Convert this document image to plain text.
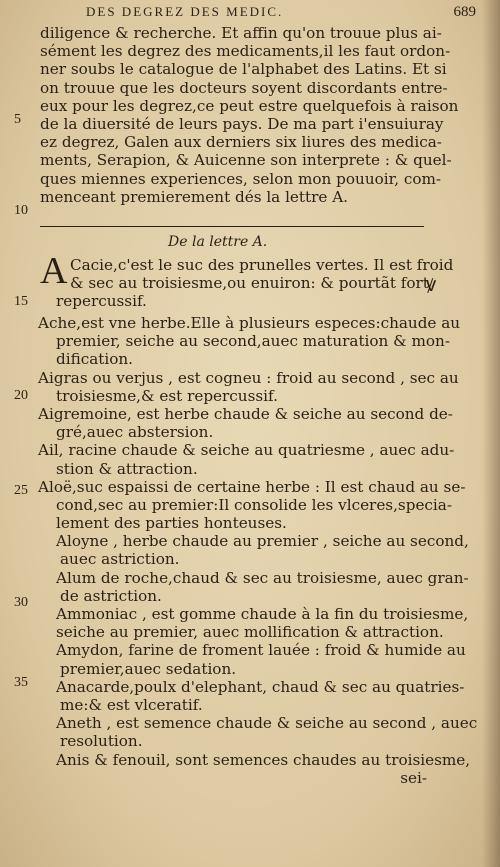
DES DEGREZ DES MEDIC.	689
5
10
15
20
25
30
35
diligence & recherche. Et affin qu'on trouue plus ai-
sément les degrez des medicaments,il les faut ordon-
ner soubs le catalogue de l'alphabet des Latins. Et si
on trouue que les docteurs soyent discordants entre-
eux pour les degrez,ce peut estre quelquefois à raison
de la diuersité de leurs pays. De ma part i'ensuiuray
ez degrez, Galen aux derniers six liures des medica-
ments, Serapion, & Auicenne son interprete : & quel-
ques miennes experiences, selon mon pouuoir, com-
menceant premierement dés la lettre A.
De la lettre A.
A	ꝟ
Cacie,c'est le suc des prunelles vertes. Il est froid
& sec au troisiesme,ou enuiron: & pourtãt fort
repercussif.
Ache,est vne herbe.Elle à plusieurs especes:chaude au
premier, seiche au second,auec maturation & mon-
dification.
Aigras ou verjus , est cogneu : froid au second , sec au
troisiesme,& est repercussif.
Aigremoine, est herbe chaude & seiche au second de-
gré,auec abstersion.
Ail, racine chaude & seiche au quatriesme , auec adu-
stion & attraction.
Aloë,suc espaissi de certaine herbe : Il est chaud au se-
cond,sec au premier:Il consolide les vlceres,specia-
lement des parties honteuses.
Aloyne , herbe chaude au premier , seiche au second,
auec astriction.
Alum de roche,chaud & sec au troisiesme, auec gran-
de astriction.
Ammoniac , est gomme chaude à la fin du troisiesme,
seiche au premier, auec mollification & attraction.
Amydon, farine de froment lauée : froid & humide au
premier,auec sedation.
Anacarde,poulx d'elephant, chaud & sec au quatries-
me:& est vlceratif.
Aneth , est semence chaude & seiche au second , auec
resolution.
Anis & fenouil, sont semences chaudes au troisiesme,
sei-
